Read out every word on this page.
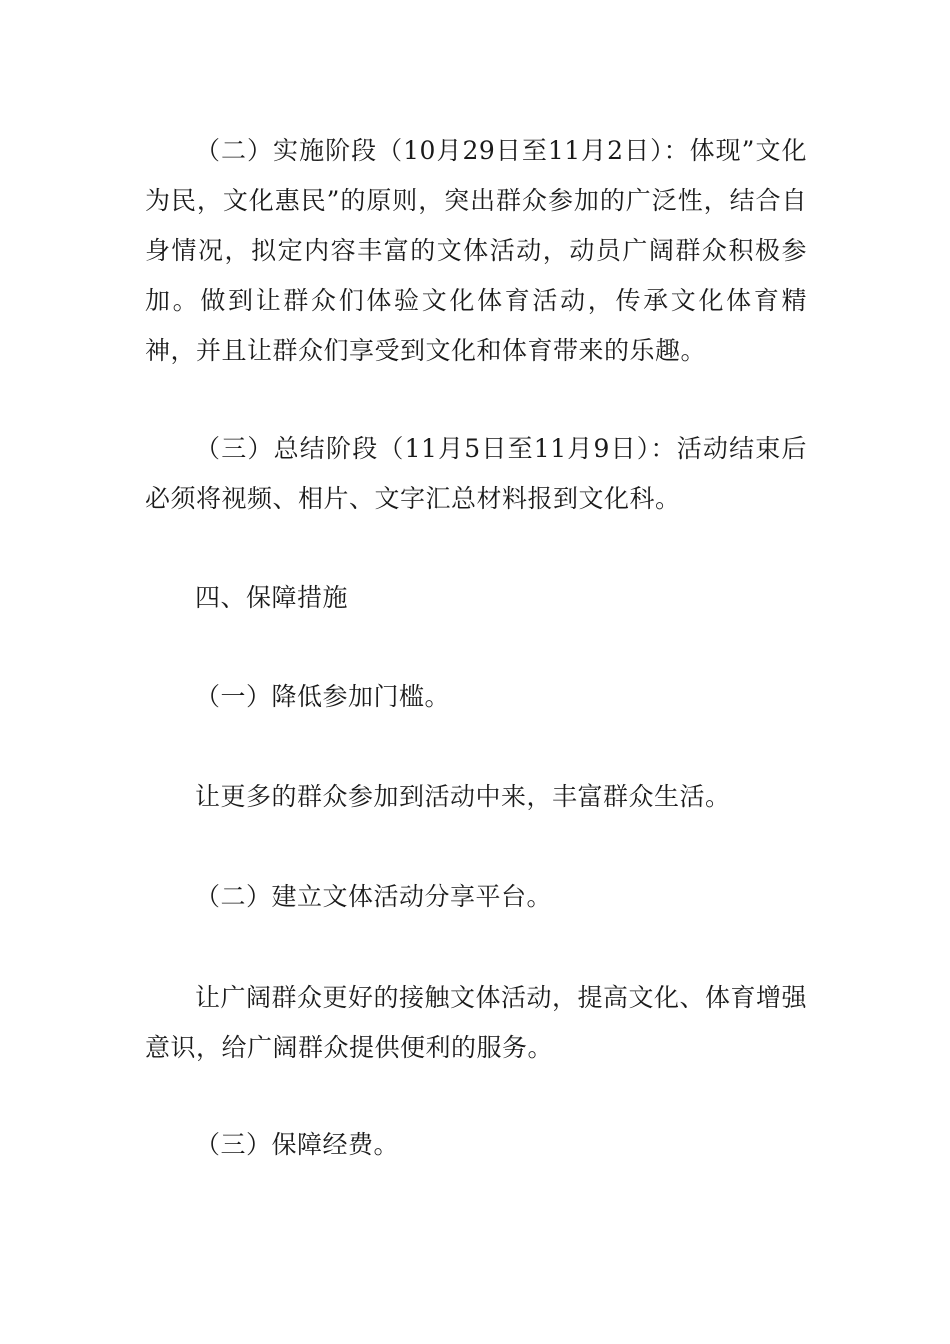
（二）实施阶段（10月29日至11月2日）：体现”文化为民，文化惠民”的原则，突出群众参加的广泛性，结合自身情况，拟定内容丰富的文体活动，动员广阔群众积极参加。做到让群众们体验文化体育活动，传承文化体育精神，并且让群众们享受到文化和体育带来的乐趣。

（三）总结阶段（11月5日至11月9日）：活动结束后必须将视频、相片、文字汇总材料报到文化科。

四、保障措施

（一）降低参加门槛。

让更多的群众参加到活动中来，丰富群众生活。

（二）建立文体活动分享平台。

让广阔群众更好的接触文体活动，提高文化、体育增强意识，给广阔群众提供便利的服务。

（三）保障经费。
